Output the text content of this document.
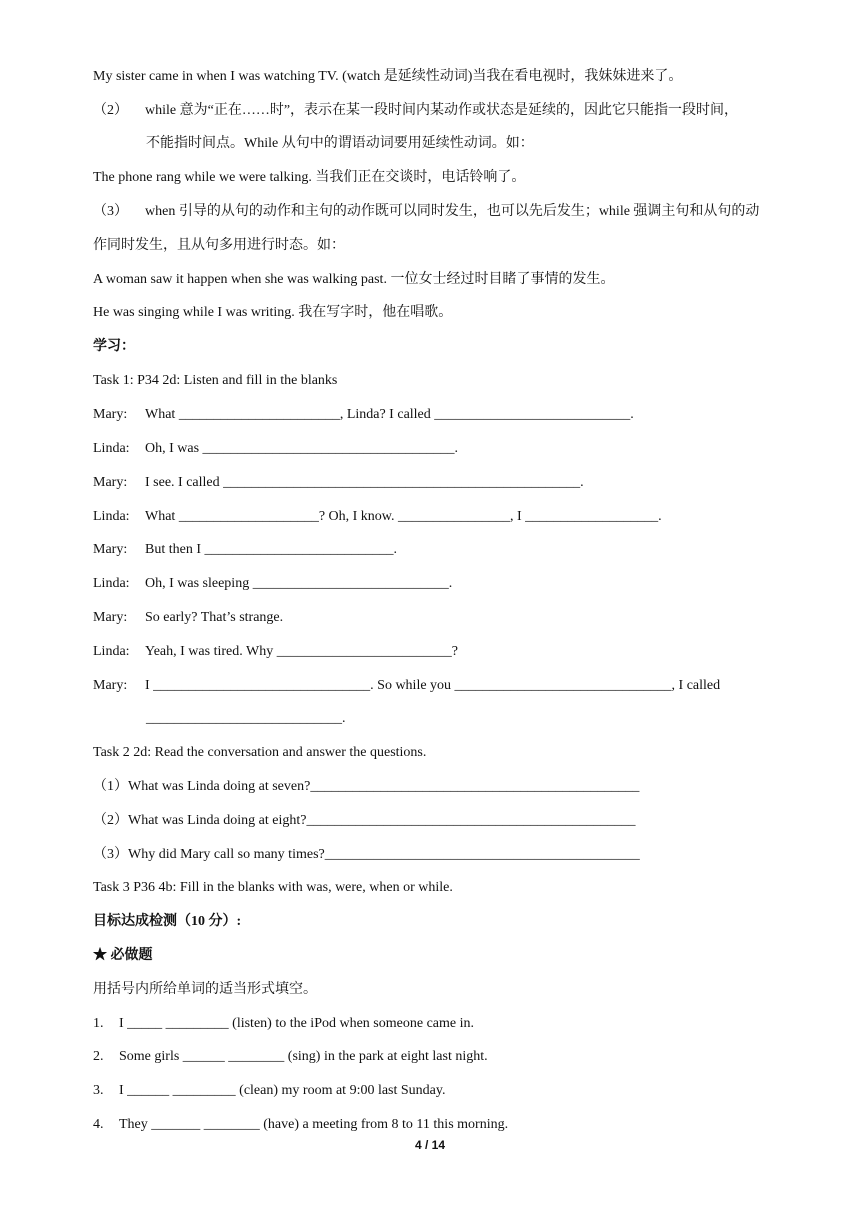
My sister came in when I was watching TV. (watch 是延续性动词)当我在看电视时，我妹妹进来了。
（2） while 意为“正在……时”，表示在某一段时间内某动作或状态是延续的，因此它只能指一段时间，
不能指时间点。While 从句中的谓语动词要用延续性动词。如：
The phone rang while we were talking. 当我们正在交谈时，电话铃响了。
（3） when 引导的从句的动作和主句的动作既可以同时发生，也可以先后发生；while 强调主句和从句的动
作同时发生，且从句多用进行时态。如：
A woman saw it happen when she was walking past. 一位女士经过时目睹了事情的发生。
He was singing while I was writing. 我在写字时，他在唱歌。
学习：
Task 1: P34 2d: Listen and fill in the blanks
Mary: What _______________________, Linda? I called ____________________________.
Linda: Oh, I was ____________________________________.
Mary: I see. I called ___________________________________________________.
Linda: What ____________________? Oh, I know. ________________, I ___________________.
Mary: But then I ___________________________.
Linda: Oh, I was sleeping ____________________________.
Mary: So early? That’s strange.
Linda: Yeah, I was tired. Why _________________________?
Mary: I _______________________________. So while you _______________________________, I called
____________________________.
Task 2 2d: Read the conversation and answer the questions.
（1）What was Linda doing at seven?_______________________________________________
（2）What was Linda doing at eight?_______________________________________________
（3）Why did Mary call so many times?_____________________________________________
Task 3 P36 4b: Fill in the blanks with was, were, when or while.
目标达成检测（10 分）:
★ 必做题
用括号内所给单词的适当形式填空。
1. I _____ _________ (listen) to the iPod when someone came in.
2. Some girls ______ ________ (sing) in the park at eight last night.
3. I ______ _________ (clean) my room at 9:00 last Sunday.
4. They _______ ________ (have) a meeting from 8 to 11 this morning.
4 / 14
